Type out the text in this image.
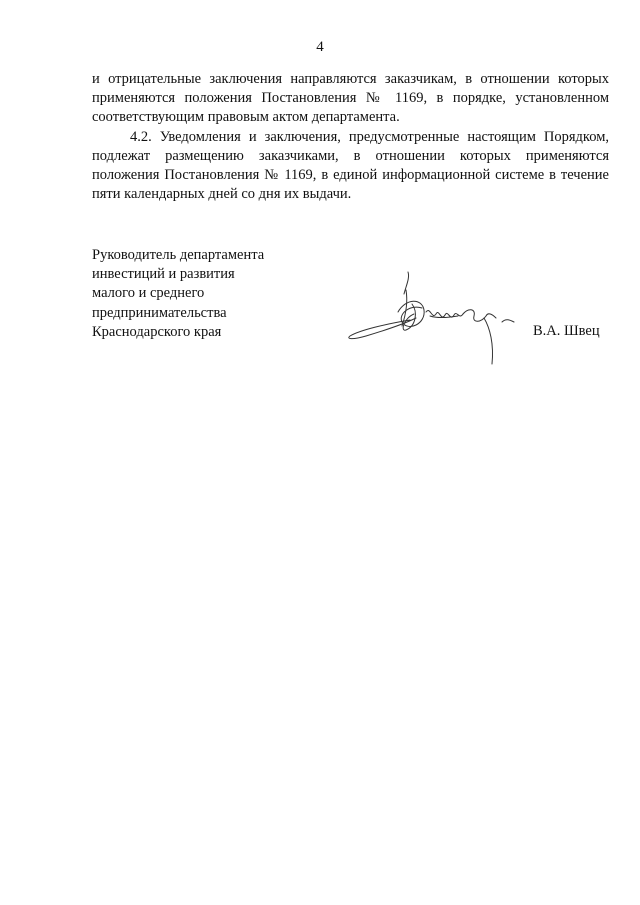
4

и отрицательные заключения направляются заказчикам, в отношении которых применяются положения Постановления № 1169, в порядке, установленном соответствующим правовым актом департамента.

4.2. Уведомления и заключения, предусмотренные настоящим Порядком, подлежат размещению заказчиками, в отношении которых применяются положения Постановления № 1169, в единой информационной системе в течение пяти календарных дней со дня их выдачи.

Руководитель департамента
инвестиций и развития
малого и среднего
предпринимательства
Краснодарского края	В.А. Швец
